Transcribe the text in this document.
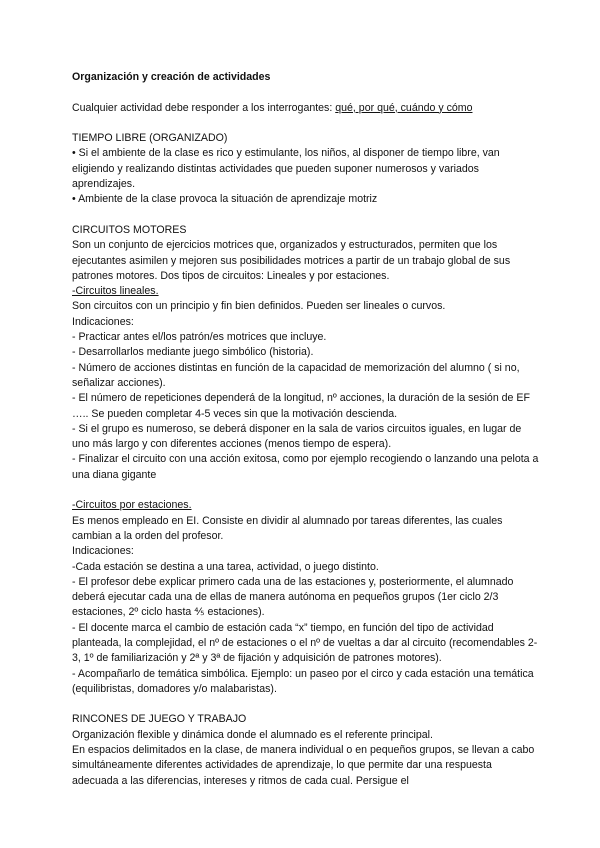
Organización y creación de actividades

Cualquier actividad debe responder a los interrogantes: qué, por qué, cuándo y cómo

TIEMPO LIBRE (ORGANIZADO)

• Si el ambiente de la clase es rico y estimulante, los niños, al disponer de tiempo libre, van eligiendo y realizando distintas actividades que pueden suponer numerosos y variados aprendizajes.

• Ambiente de la clase provoca la situación de aprendizaje motriz

CIRCUITOS MOTORES

Son un conjunto de ejercicios motrices que, organizados y estructurados, permiten que los ejecutantes asimilen y mejoren sus posibilidades motrices a partir de un trabajo global de sus patrones motores. Dos tipos de circuitos: Lineales y por estaciones.

-Circuitos lineales.

Son circuitos con un principio y fin bien definidos. Pueden ser lineales o curvos.

Indicaciones:

- Practicar antes el/los patrón/es motrices que incluye.

- Desarrollarlos mediante juego simbólico (historia).

- Número de acciones distintas en función de la capacidad de memorización del alumno ( si no, señalizar acciones).

- El número de repeticiones dependerá de la longitud, nº acciones, la duración de la sesión de EF ….. Se pueden completar 4-5 veces sin que la motivación descienda.

- Si el grupo es numeroso, se deberá disponer en la sala de varios circuitos iguales, en lugar de uno más largo y con diferentes acciones (menos tiempo de espera).

- Finalizar el circuito con una acción exitosa, como por ejemplo recogiendo o lanzando una pelota a una diana gigante

-Circuitos por estaciones.

Es menos empleado en EI. Consiste en dividir al alumnado por tareas diferentes, las cuales cambian a la orden del profesor.

Indicaciones:

-Cada estación se destina a una tarea, actividad, o juego distinto.

- El profesor debe explicar primero cada una de las estaciones y, posteriormente, el alumnado deberá ejecutar cada una de ellas de manera autónoma en pequeños grupos (1er ciclo 2/3 estaciones, 2º ciclo hasta ⅘ estaciones).

- El docente marca el cambio de estación cada “x” tiempo, en función del tipo de actividad planteada, la complejidad, el nº de estaciones o el nº de vueltas a dar al circuito (recomendables 2-3, 1º de familiarización y 2ª y 3ª de fijación y adquisición de patrones motores).

- Acompañarlo de temática simbólica. Ejemplo: un paseo por el circo y cada estación una temática (equilibristas, domadores y/o malabaristas).

RINCONES DE JUEGO Y TRABAJO

Organización flexible y dinámica donde el alumnado es el referente principal.

En espacios delimitados en la clase, de manera individual o en pequeños grupos, se llevan a cabo simultáneamente diferentes actividades de aprendizaje, lo que permite dar una respuesta adecuada a las diferencias, intereses y ritmos de cada cual. Persigue el
